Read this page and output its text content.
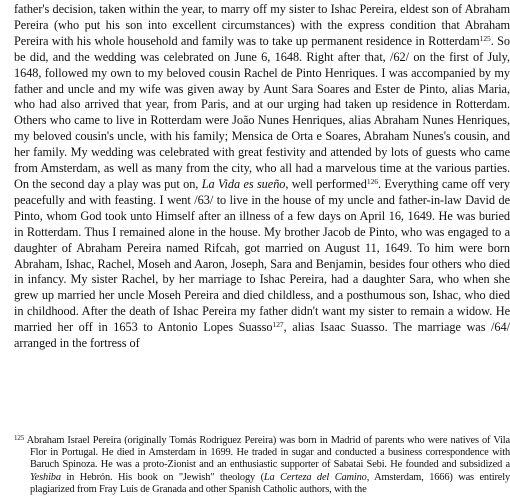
father's decision, taken within the year, to marry off my sister to Ishac Pereira, eldest son of Abraham Pereira (who put his son into excellent circumstances) with the express condition that Abraham Pereira with his whole household and family was to take up permanent residence in Rotterdam$^{125}$. So be did, and the wedding was celebrated on June 6, 1648. Right after that, /62/ on the first of July, 1648, followed my own to my beloved cousin Rachel de Pinto Henriques. I was accompanied by my father and uncle and my wife was given away by Aunt Sara Soares and Ester de Pinto, alias Maria, who had also arrived that year, from Paris, and at our urging had taken up residence in Rotterdam. Others who came to live in Rotterdam were João Nunes Henriques, alias Abraham Nunes Henriques, my beloved cousin's uncle, with his family; Mensica de Orta e Soares, Abraham Nunes's cousin, and her family. My wedding was celebrated with great festivity and attended by lots of guests who came from Amsterdam, as well as many from the city, who all had a marvelous time at the various parties. On the second day a play was put on, La Vida es sueño, well performed$^{126}$. Everything came off very peacefully and with feasting. I went /63/ to live in the house of my uncle and father-in-law David de Pinto, whom God took unto Himself after an illness of a few days on April 16, 1649. He was buried in Rotterdam. Thus I remained alone in the house. My brother Jacob de Pinto, who was engaged to a daughter of Abraham Pereira named Rifcah, got married on August 11, 1649. To him were born Abraham, Ishac, Rachel, Moseh and Aaron, Joseph, Sara and Benjamin, besides four others who died in infancy. My sister Rachel, by her marriage to Ishac Pereira, had a daughter Sara, who when she grew up married her uncle Moseh Pereira and died childless, and a posthumous son, Ishac, who died in childhood. After the death of Ishac Pereira my father didn't want my sister to remain a widow. He married her off in 1653 to Antonio Lopes Suasso$^{127}$, alias Isaac Suasso. The marriage was /64/ arranged in the fortress of

$^{125}$ Abraham Israel Pereira (originally Tomás Rodriguez Pereira) was born in Madrid of parents who were natives of Vila Flor in Portugal. He died in Amsterdam in 1699. He traded in sugar and conducted a business correspondence with Baruch Spinoza. He was a proto-Zionist and an enthusiastic supporter of Sabatai Sebi. He founded and subsidized a Yeshiba in Hebrón. His book on "Jewish" theology (La Certeza del Camino, Amsterdam, 1666) was entirely plagiarized from Fray Luis de Granada and other Spanish Catholic authors, with the
